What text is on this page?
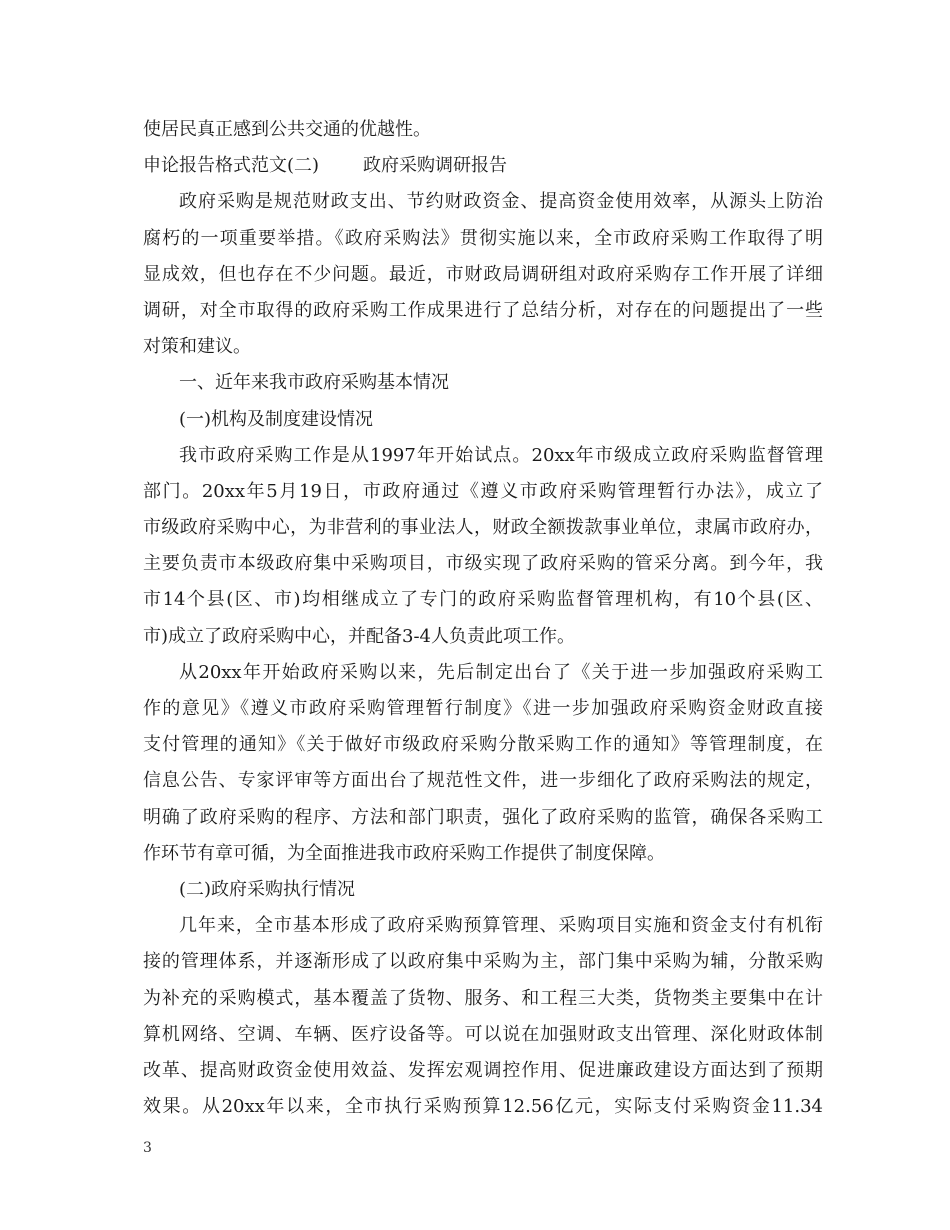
使居民真正感到公共交通的优越性。
申论报告格式范文(二) 政府采购调研报告
政府采购是规范财政支出、节约财政资金、提高资金使用效率，从源头上防治
腐朽的一项重要举措。《政府采购法》贯彻实施以来，全市政府采购工作取得了明
显成效，但也存在不少问题。最近，市财政局调研组对政府采购存工作开展了详细
调研，对全市取得的政府采购工作成果进行了总结分析，对存在的问题提出了一些
对策和建议。
一、近年来我市政府采购基本情况
(一)机构及制度建设情况
我市政府采购工作是从1997年开始试点。20xx年市级成立政府采购监督管理
部门。20xx年5月19日，市政府通过《遵义市政府采购管理暂行办法》，成立了
市级政府采购中心，为非营利的事业法人，财政全额拨款事业单位，隶属市政府办，
主要负责市本级政府集中采购项目，市级实现了政府采购的管采分离。到今年，我
市14个县(区、市)均相继成立了专门的政府采购监督管理机构，有10个县(区、
市)成立了政府采购中心，并配备3-4人负责此项工作。
从20xx年开始政府采购以来，先后制定出台了《关于进一步加强政府采购工
作的意见》《遵义市政府采购管理暂行制度》《进一步加强政府采购资金财政直接
支付管理的通知》《关于做好市级政府采购分散采购工作的通知》等管理制度，在
信息公告、专家评审等方面出台了规范性文件，进一步细化了政府采购法的规定，
明确了政府采购的程序、方法和部门职责，强化了政府采购的监管，确保各采购工
作环节有章可循，为全面推进我市政府采购工作提供了制度保障。
(二)政府采购执行情况
几年来，全市基本形成了政府采购预算管理、采购项目实施和资金支付有机衔
接的管理体系，并逐渐形成了以政府集中采购为主，部门集中采购为辅，分散采购
为补充的采购模式，基本覆盖了货物、服务、和工程三大类，货物类主要集中在计
算机网络、空调、车辆、医疗设备等。可以说在加强财政支出管理、深化财政体制
改革、提高财政资金使用效益、发挥宏观调控作用、促进廉政建设方面达到了预期
效果。从20xx年以来，全市执行采购预算12.56亿元，实际支付采购资金11.34
3
